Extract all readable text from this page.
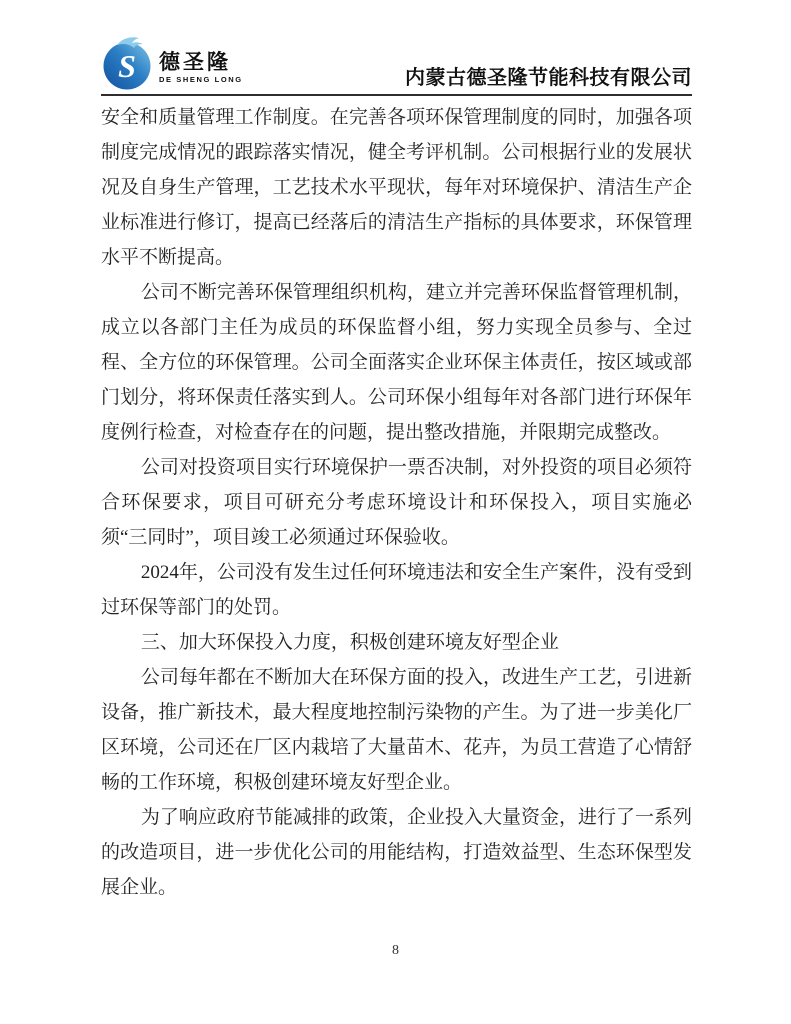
S 德圣隆
DE SHENG LONG	内蒙古德圣隆节能科技有限公司

安全和质量管理工作制度。在完善各项环保管理制度的同时，加强各项制度完成情况的跟踪落实情况，健全考评机制。公司根据行业的发展状况及自身生产管理，工艺技术水平现状，每年对环境保护、清洁生产企业标准进行修订，提高已经落后的清洁生产指标的具体要求，环保管理水平不断提高。

公司不断完善环保管理组织机构，建立并完善环保监督管理机制，成立以各部门主任为成员的环保监督小组，努力实现全员参与、全过程、全方位的环保管理。公司全面落实企业环保主体责任，按区域或部门划分，将环保责任落实到人。公司环保小组每年对各部门进行环保年度例行检查，对检查存在的问题，提出整改措施，并限期完成整改。

公司对投资项目实行环境保护一票否决制，对外投资的项目必须符合环保要求，项目可研充分考虑环境设计和环保投入，项目实施必须“三同时”，项目竣工必须通过环保验收。

2024年，公司没有发生过任何环境违法和安全生产案件，没有受到过环保等部门的处罚。

三、加大环保投入力度，积极创建环境友好型企业

公司每年都在不断加大在环保方面的投入，改进生产工艺，引进新设备，推广新技术，最大程度地控制污染物的产生。为了进一步美化厂区环境，公司还在厂区内栽培了大量苗木、花卉，为员工营造了心情舒畅的工作环境，积极创建环境友好型企业。

为了响应政府节能减排的政策，企业投入大量资金，进行了一系列的改造项目，进一步优化公司的用能结构，打造效益型、生态环保型发展企业。

8
